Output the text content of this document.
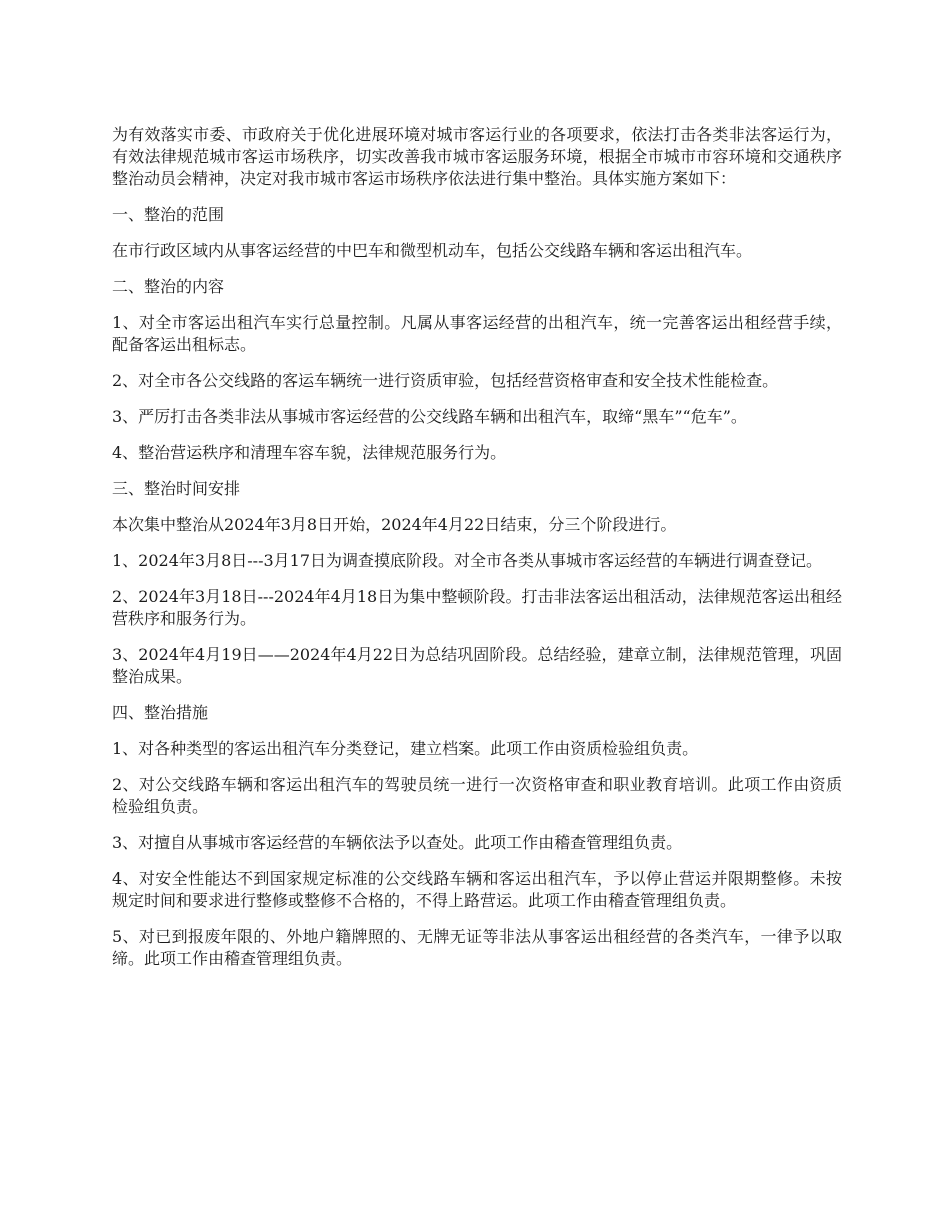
为有效落实市委、市政府关于优化进展环境对城市客运行业的各项要求，依法打击各类非法客运行为，有效法律规范城市客运市场秩序，切实改善我市城市客运服务环境，根据全市城市市容环境和交通秩序整治动员会精神，决定对我市城市客运市场秩序依法进行集中整治。具体实施方案如下：

一、整治的范围

在市行政区域内从事客运经营的中巴车和微型机动车，包括公交线路车辆和客运出租汽车。

二、整治的内容

1、对全市客运出租汽车实行总量控制。凡属从事客运经营的出租汽车，统一完善客运出租经营手续，配备客运出租标志。

2、对全市各公交线路的客运车辆统一进行资质审验，包括经营资格审查和安全技术性能检查。

3、严厉打击各类非法从事城市客运经营的公交线路车辆和出租汽车，取缔“黑车”“危车”。

4、整治营运秩序和清理车容车貌，法律规范服务行为。

三、整治时间安排

本次集中整治从2024年3月8日开始，2024年4月22日结束，分三个阶段进行。

1、2024年3月8日---3月17日为调查摸底阶段。对全市各类从事城市客运经营的车辆进行调查登记。

2、2024年3月18日---2024年4月18日为集中整顿阶段。打击非法客运出租活动，法律规范客运出租经营秩序和服务行为。

3、2024年4月19日——2024年4月22日为总结巩固阶段。总结经验，建章立制，法律规范管理，巩固整治成果。

四、整治措施

1、对各种类型的客运出租汽车分类登记，建立档案。此项工作由资质检验组负责。

2、对公交线路车辆和客运出租汽车的驾驶员统一进行一次资格审查和职业教育培训。此项工作由资质检验组负责。

3、对擅自从事城市客运经营的车辆依法予以查处。此项工作由稽查管理组负责。

4、对安全性能达不到国家规定标准的公交线路车辆和客运出租汽车，予以停止营运并限期整修。未按规定时间和要求进行整修或整修不合格的，不得上路营运。此项工作由稽查管理组负责。

5、对已到报废年限的、外地户籍牌照的、无牌无证等非法从事客运出租经营的各类汽车，一律予以取缔。此项工作由稽查管理组负责。
